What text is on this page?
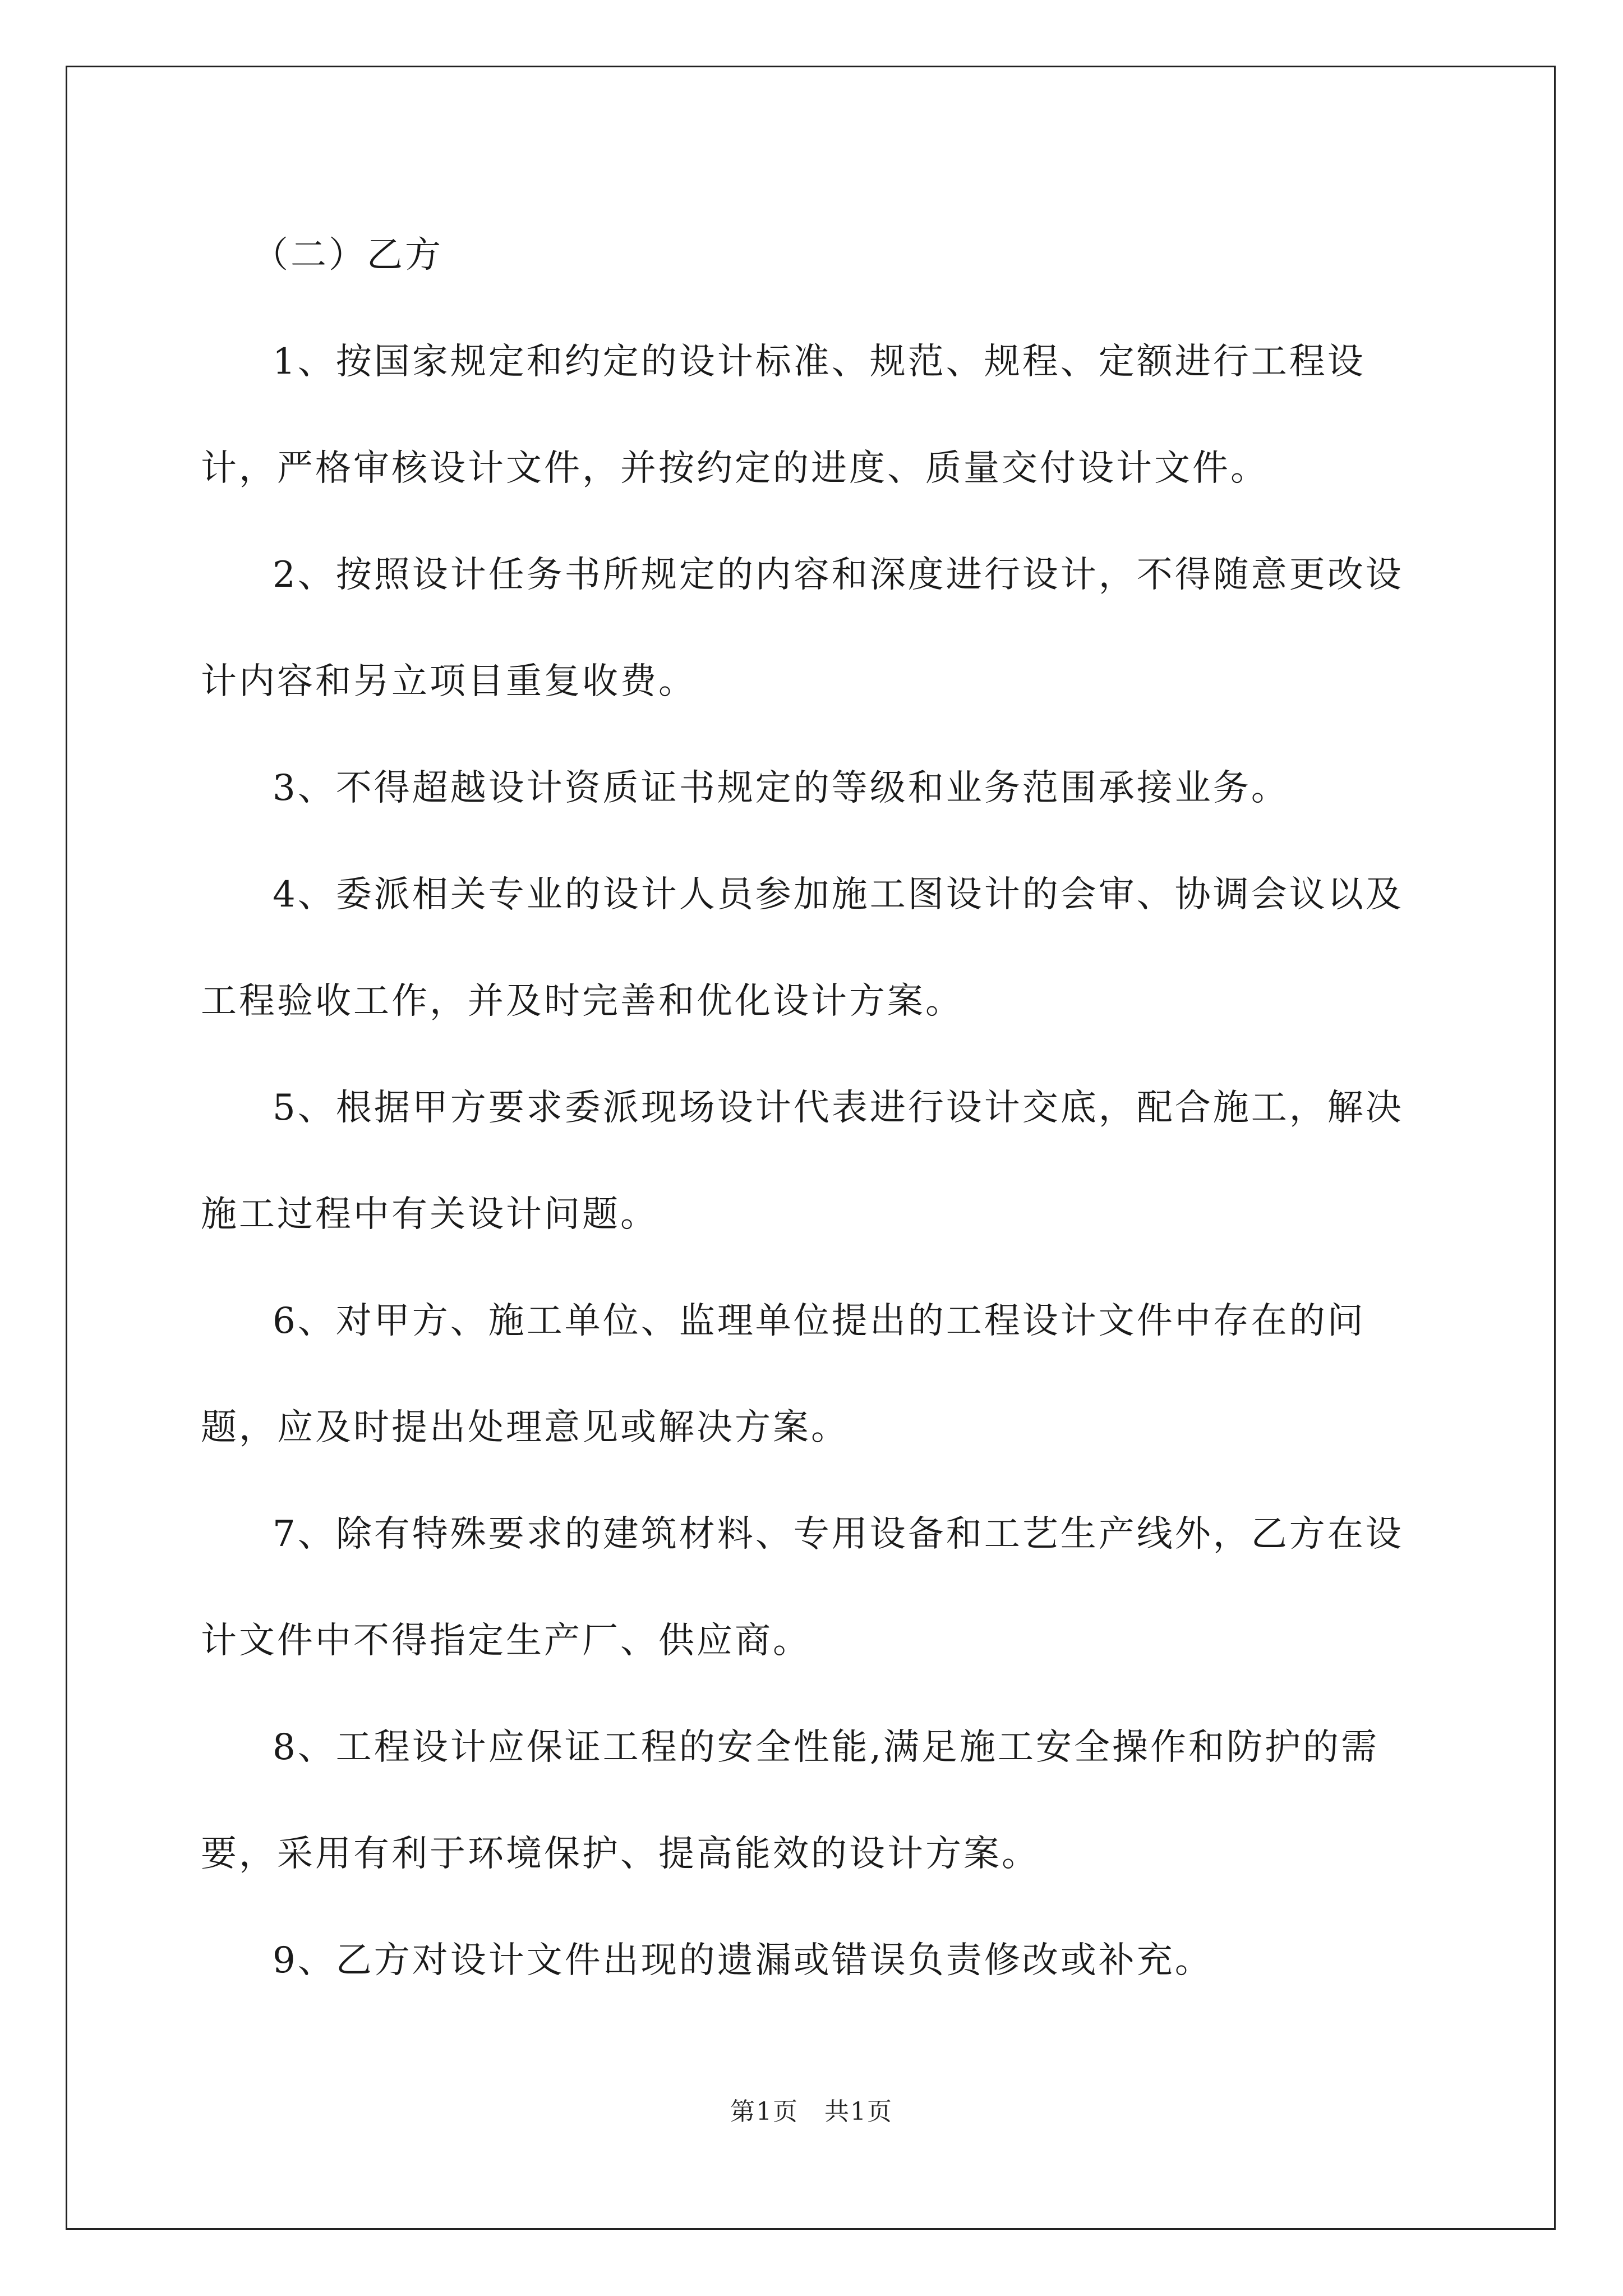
（二）乙方

1、按国家规定和约定的设计标准、规范、规程、定额进行工程设计，严格审核设计文件，并按约定的进度、质量交付设计文件。

2、按照设计任务书所规定的内容和深度进行设计，不得随意更改设计内容和另立项目重复收费。

3、不得超越设计资质证书规定的等级和业务范围承接业务。

4、委派相关专业的设计人员参加施工图设计的会审、协调会议以及工程验收工作，并及时完善和优化设计方案。

5、根据甲方要求委派现场设计代表进行设计交底，配合施工，解决施工过程中有关设计问题。

6、对甲方、施工单位、监理单位提出的工程设计文件中存在的问题，应及时提出处理意见或解决方案。

7、除有特殊要求的建筑材料、专用设备和工艺生产线外，乙方在设计文件中不得指定生产厂、供应商。

8、工程设计应保证工程的安全性能,满足施工安全操作和防护的需要，采用有利于环境保护、提高能效的设计方案。

9、乙方对设计文件出现的遗漏或错误负责修改或补充。

第1页　共1页
